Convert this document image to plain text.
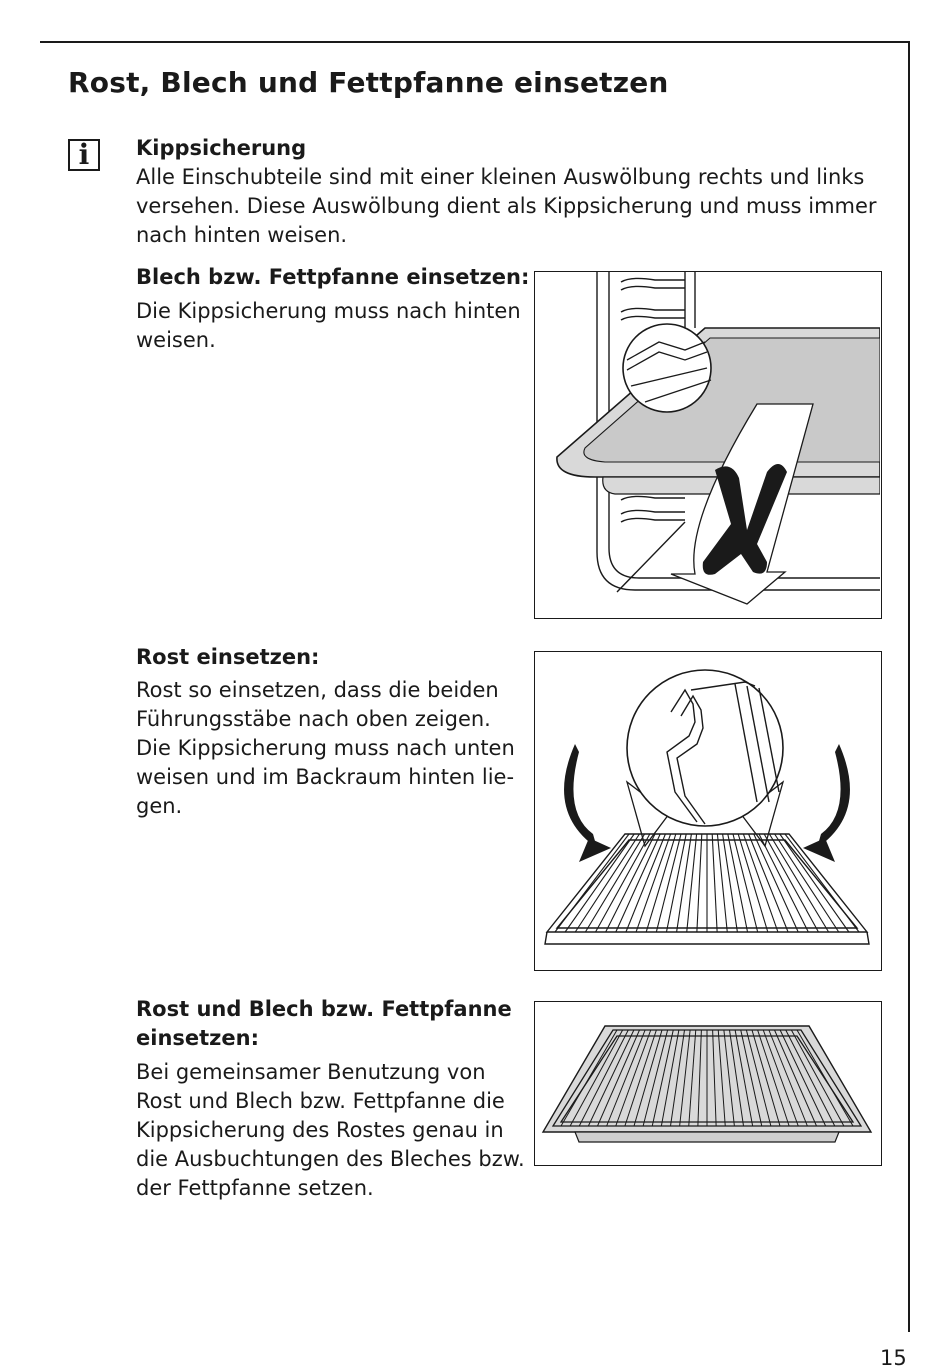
Rost, Blech und Fettpfanne einsetzen
i	Kippsicherung

Alle Einschubteile sind mit einer kleinen Auswölbung rechts und links

versehen. Diese Auswölbung dient als Kippsicherung und muss immer

nach hinten weisen.

Blech bzw. Fettpfanne einsetzen:

Die Kippsicherung muss nach hinten

weisen.

Rost einsetzen:

Rost so einsetzen, dass die beiden

Führungsstäbe nach oben zeigen.

Die Kippsicherung muss nach unten

weisen und im Backraum hinten lie-

gen.

Rost und Blech bzw. Fettpfanne

einsetzen:

Bei gemeinsamer Benutzung von

Rost und Blech bzw. Fettpfanne die

Kippsicherung des Rostes genau in

die Ausbuchtungen des Bleches bzw.

der Fettpfanne setzen.

15
